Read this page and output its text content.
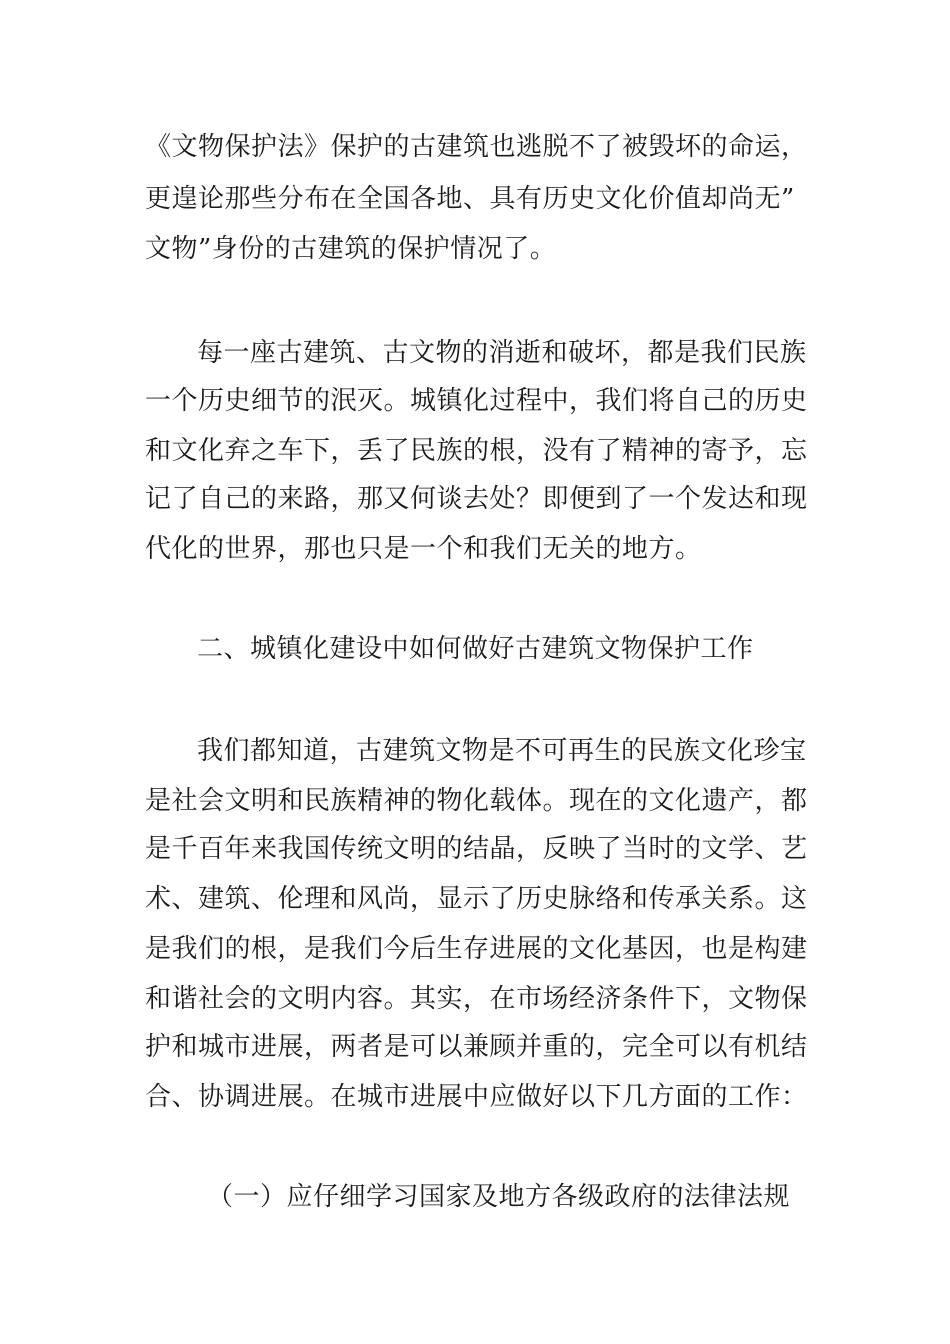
《文物保护法》保护的古建筑也逃脱不了被毁坏的命运，
更遑论那些分布在全国各地、具有历史文化价值却尚无”
文物”身份的古建筑的保护情况了。
每一座古建筑、古文物的消逝和破坏，都是我们民族
一个历史细节的泯灭。城镇化过程中，我们将自己的历史
和文化弃之车下，丢了民族的根，没有了精神的寄予，忘
记了自己的来路，那又何谈去处？即便到了一个发达和现
代化的世界，那也只是一个和我们无关的地方。
二、城镇化建设中如何做好古建筑文物保护工作
我们都知道，古建筑文物是不可再生的民族文化珍宝
是社会文明和民族精神的物化载体。现在的文化遗产，都
是千百年来我国传统文明的结晶，反映了当时的文学、艺
术、建筑、伦理和风尚，显示了历史脉络和传承关系。这
是我们的根，是我们今后生存进展的文化基因，也是构建
和谐社会的文明内容。其实，在市场经济条件下，文物保
护和城市进展，两者是可以兼顾并重的，完全可以有机结
合、协调进展。在城市进展中应做好以下几方面的工作：
（一）应仔细学习国家及地方各级政府的法律法规
